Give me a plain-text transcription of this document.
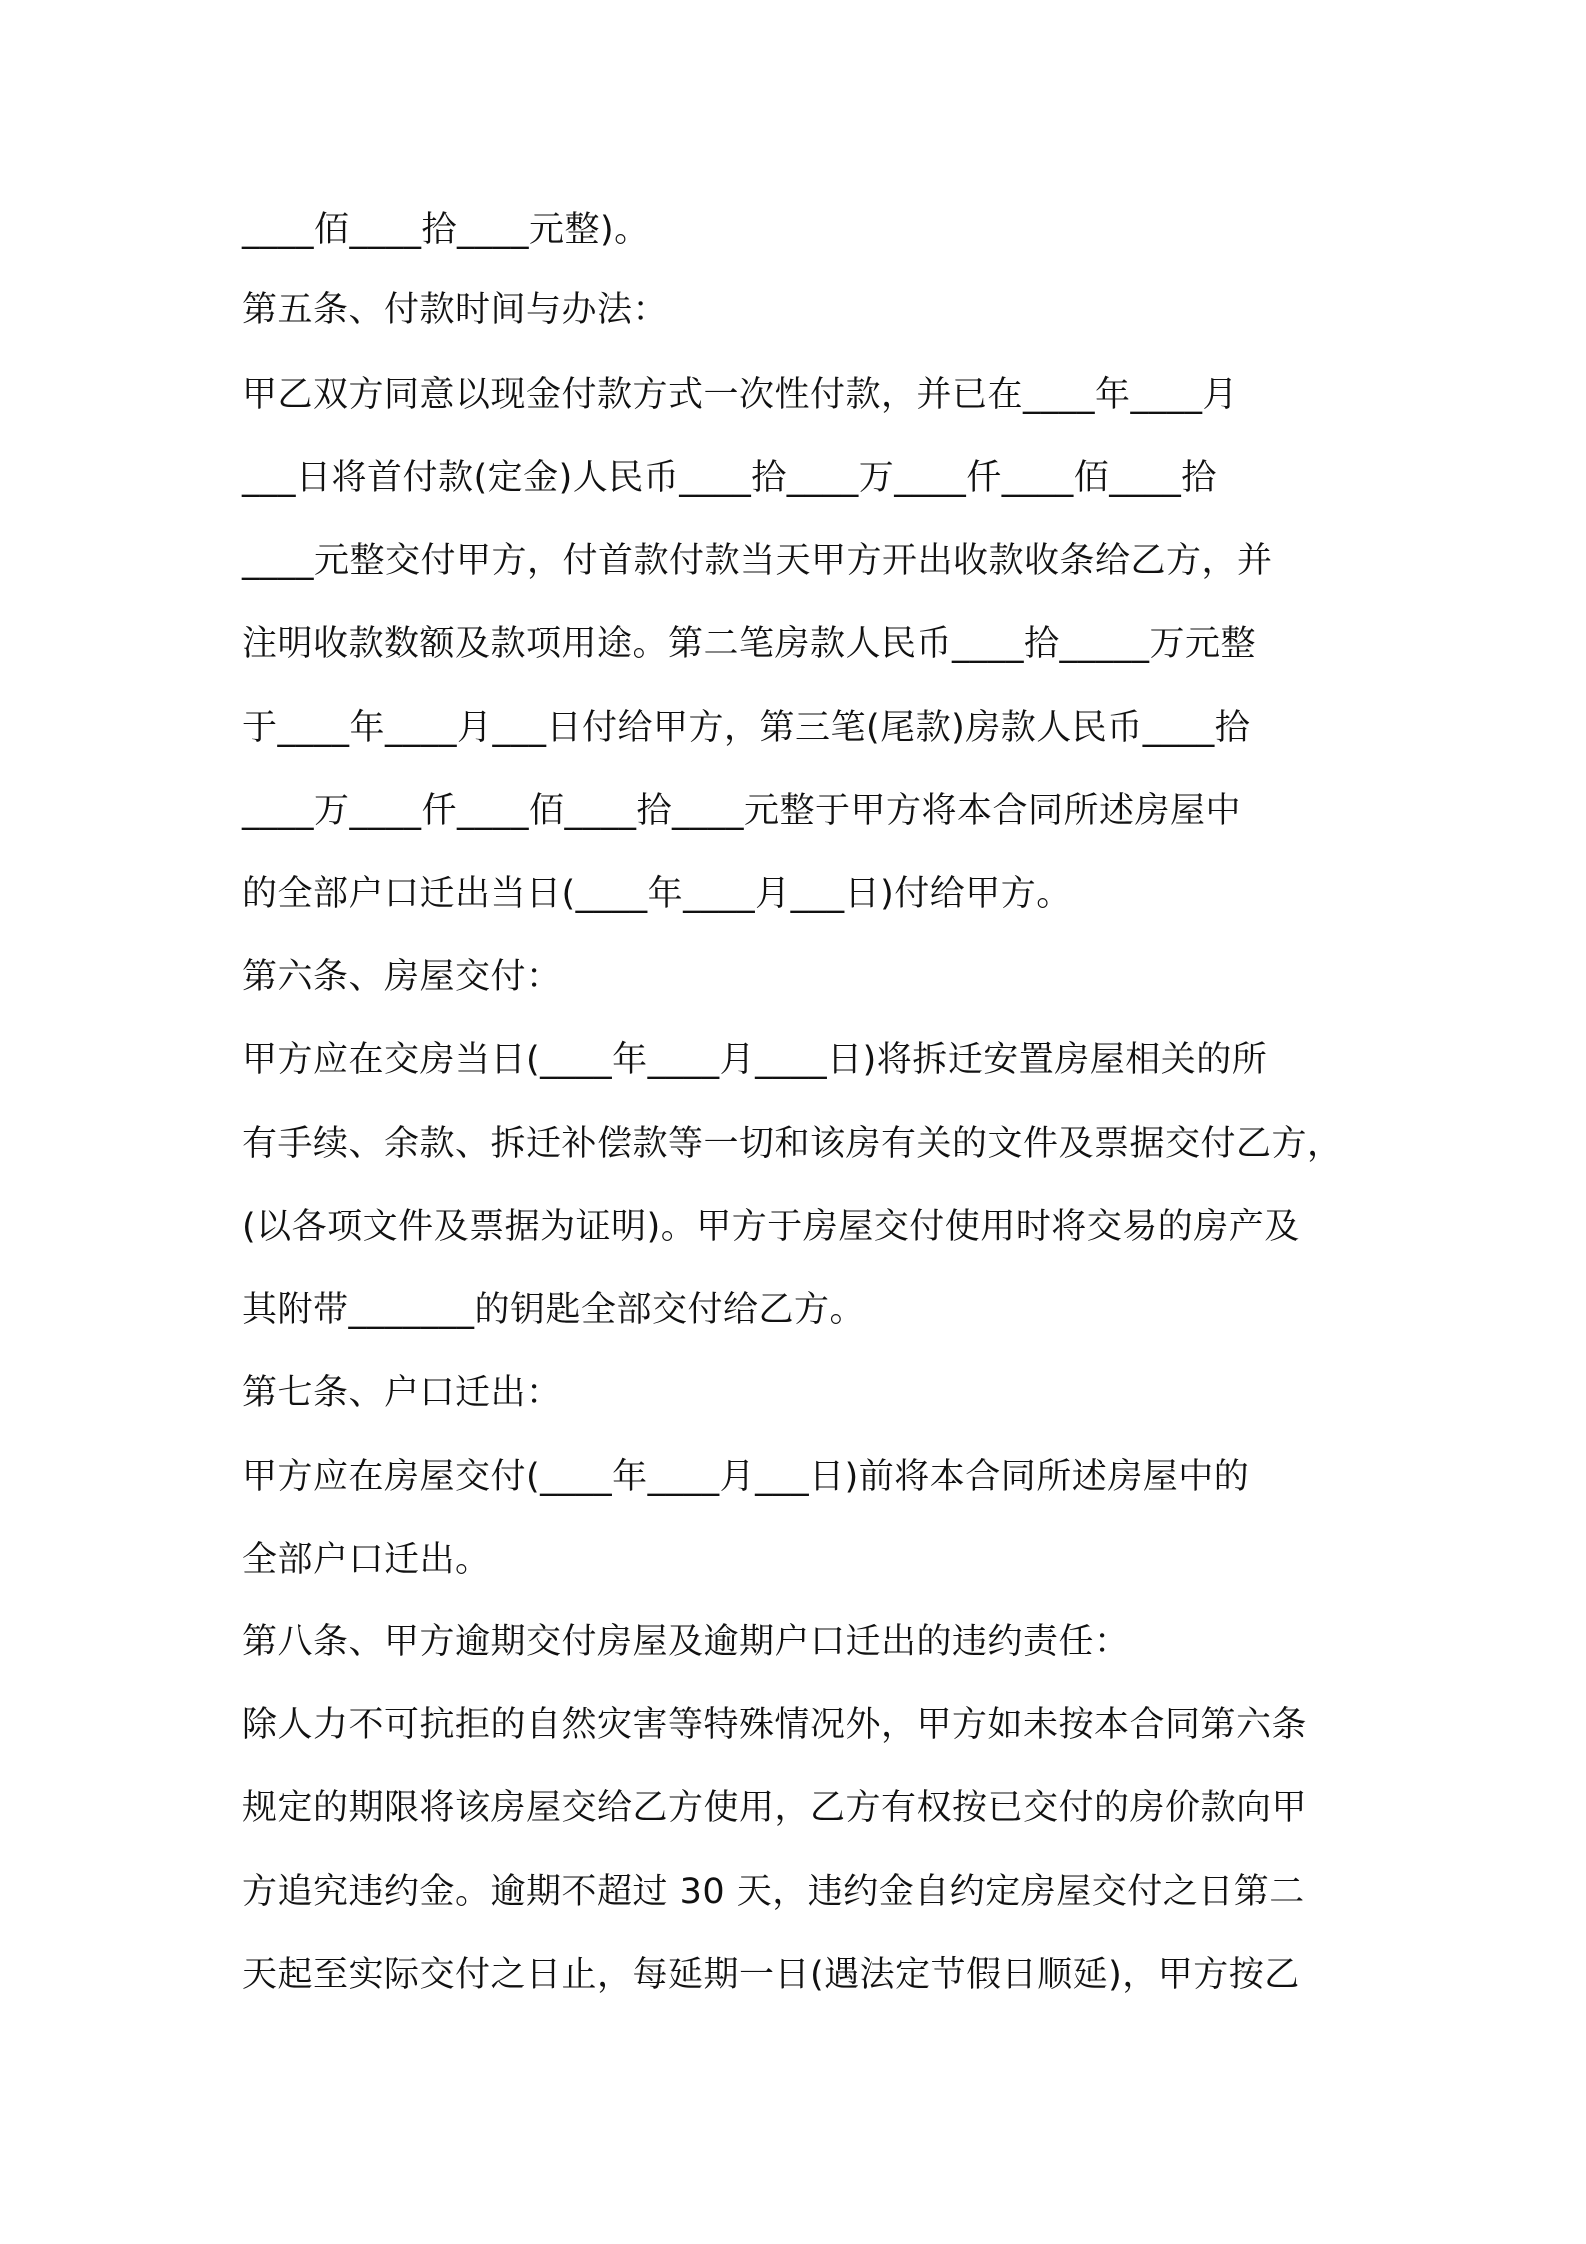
____佰____拾____元整)。
第五条、付款时间与办法：
甲乙双方同意以现金付款方式一次性付款，并已在____年____月
___日将首付款(定金)人民币____拾____万____仟____佰____拾
____元整交付甲方，付首款付款当天甲方开出收款收条给乙方，并
注明收款数额及款项用途。第二笔房款人民币____拾_____万元整
于____年____月___日付给甲方，第三笔(尾款)房款人民币____拾
____万____仟____佰____拾____元整于甲方将本合同所述房屋中
的全部户口迁出当日(____年____月___日)付给甲方。
第六条、房屋交付：
甲方应在交房当日(____年____月____日)将拆迁安置房屋相关的所
有手续、余款、拆迁补偿款等一切和该房有关的文件及票据交付乙方，
(以各项文件及票据为证明)。甲方于房屋交付使用时将交易的房产及
其附带_______的钥匙全部交付给乙方。
第七条、户口迁出：
甲方应在房屋交付(____年____月___日)前将本合同所述房屋中的
全部户口迁出。
第八条、甲方逾期交付房屋及逾期户口迁出的违约责任：
除人力不可抗拒的自然灾害等特殊情况外，甲方如未按本合同第六条
规定的期限将该房屋交给乙方使用，乙方有权按已交付的房价款向甲
方追究违约金。逾期不超过 30 天，违约金自约定房屋交付之日第二
天起至实际交付之日止，每延期一日(遇法定节假日顺延)，甲方按乙
